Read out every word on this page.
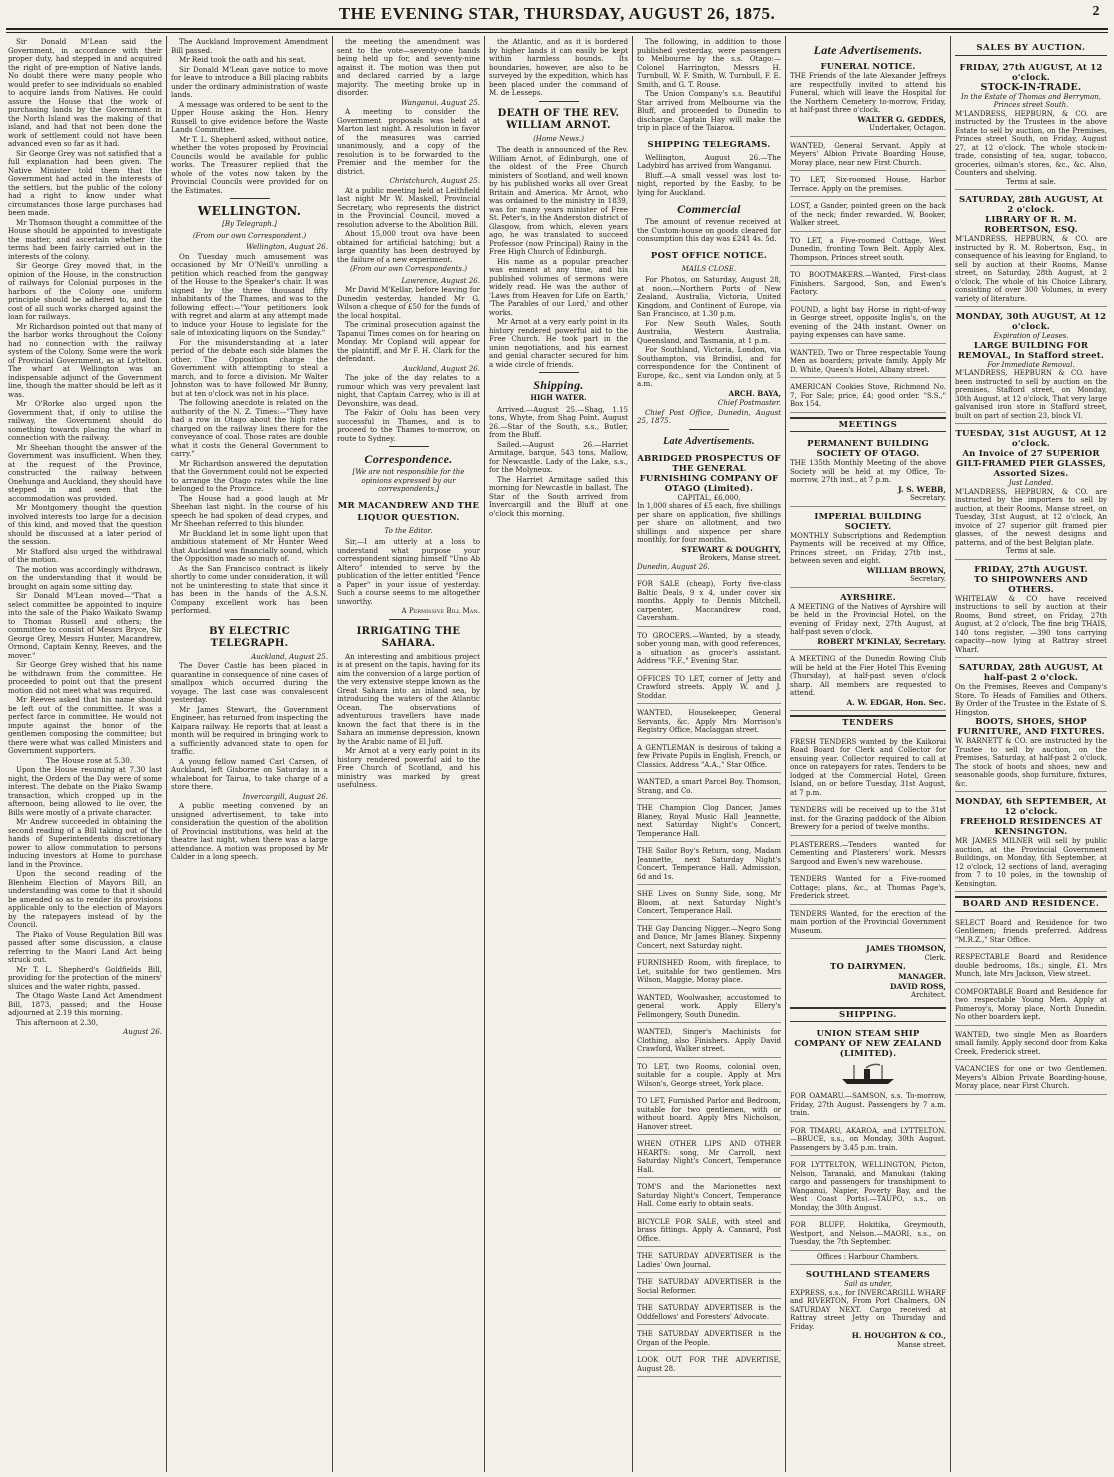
THE EVENING STAR, THURSDAY, AUGUST 26, 1875.	2

Sir Donald M'Lean said the Government, in accordance with their proper duty, had stepped in and acquired the right of pre-emption of Native lands. No doubt there were many people who would prefer to see individuals so enabled to acquire lands from Natives. He could assure the House that the work of purchasing lands by the Government in the North Island was the making of that island, and had that not been done the work of settlement could not have been advanced even so far as it had.

Sir George Grey was not satisfied that a full explanation had been given. The Native Minister told them that the Government had acted in the interests of the settlers, but the public of the colony had a right to know under what circumstances those large purchases had been made.

Mr Thomson thought a committee of the House should be appointed to investigate the matter, and ascertain whether the terms had been fairly carried out in the interests of the colony.

Sir George Grey moved that, in the opinion of the House, in the construction of railways for Colonial purposes in the harbors of the Colony one uniform principle should be adhered to, and the cost of all such works charged against the loan for railways.

Mr Richardson pointed out that many of the harbor works throughout the Colony had no connection with the railway system of the Colony. Some were the work of Provincial Government, as at Lyttelton. The wharf at Wellington was an indispensable adjunct of the Government line, though the matter should be left as it was.

Mr O'Rorke also urged upon the Government that, if only to utilise the railway, the Government should do something towards placing the wharf in connection with the railway.

Mr Sheehan thought the answer of the Government was insufficient. When they, at the request of the Province, constructed the railway between Onehunga and Auckland, they should have stepped in and seen that the accommodation was provided.

Mr Montgomery thought the question involved interests too large for a decision of this kind, and moved that the question should be discussed at a later period of the session.

Mr Stafford also urged the withdrawal of the motion.

The motion was accordingly withdrawn, on the understanding that it would be brought on again some sitting day.

Sir Donald M'Lean moved—"That a select committee be appointed to inquire into the sale of the Piako Waikato Swamp to Thomas Russell and others; the committee to consist of Messrs Bryce, Sir George Grey, Messrs Hunter, Macandrew, Ormond, Captain Kenny, Reeves, and the mover."

Sir George Grey wished that his name be withdrawn from the committee. He proceeded to point out that the present motion did not meet what was required.

Mr Reeves asked that his name should be left out of the committee. It was a perfect farce in committee. He would not impute against the honor of the gentlemen composing the committee; but there were what was called Ministers and Government supporters.

The House rose at 5.30.

Upon the House resuming at 7.30 last night, the Orders of the Day were of some interest. The debate on the Piako Swamp transaction, which cropped up in the afternoon, being allowed to lie over, the Bills were mostly of a private character.

Mr Andrew succeeded in obtaining the second reading of a Bill taking out of the hands of Superintendents discretionary power to allow commutation to persons inducing investors at Home to purchase land in the Province.

Upon the second reading of the Blenheim Election of Mayors Bill, an understanding was come to that it should be amended so as to render its provisions applicable only to the election of Mayors by the ratepayers instead of by the Council.

The Piako of Vouse Regulation Bill was passed after some discussion, a clause referring to the Maori Land Act being struck out.

Mr T. L. Shepherd's Goldfields Bill, providing for the protection of the miners' sluices and the water rights, passed.

The Otago Waste Land Act Amendment Bill, 1873, passed; and the House adjourned at 2.19 this morning.

This afternoon at 2.30,

August 26.

The Auckland Improvement Amendment Bill passed.

Mr Reid took the oath and his seat.

Sir Donald M'Lean gave notice to move for leave to introduce a Bill placing rabbits under the ordinary administration of waste lands.

A message was ordered to be sent to the Upper House asking the Hon. Henry Russell to give evidence before the Waste Lands Committee.

Mr T. L. Shepherd asked, without notice, whether the votes proposed by Provincial Councils would be available for public works. The Treasurer replied that the whole of the votes now taken by the Provincial Councils were provided for on the Estimates.

WELLINGTON.
[By Telegraph.]
(From our own Correspondent.)

Wellington, August 26.

On Tuesday much amusement was occasioned by Mr O'Neill's unrolling a petition which reached from the gangway of the House to the Speaker's chair. It was signed by the three thousand fifty inhabitants of the Thames, and was to the following effect:—"Your petitioners look with regret and alarm at any attempt made to induce your House to legislate for the sale of intoxicating liquors on the Sunday."

For the misunderstanding at a later period of the debate each side blames the other. The Opposition charge the Government with attempting to steal a march, and to force a division. Mr Walter Johnston was to have followed Mr Bunny, but at ten o'clock was not in his place.

The following anecdote is related on the authority of the N. Z. Times:—"They have had a row in Otago about the high rates charged on the railway lines there for the conveyance of coal. Those rates are double what it costs the General Government to carry."

Mr Richardson answered the deputation that the Government could not be expected to arrange the Otago rates while the line belonged to the Province.

The House had a good laugh at Mr Sheehan last night. In the course of his speech he had spoken of dead crypes, and Mr Sheehan referred to this blunder.

Mr Buckland let in some light upon that ambitious statement of Mr Hunter Weed that Auckland was financially sound, which the Opposition made so much of.

As the San Francisco contract is likely shortly to come under consideration, it will not be uninteresting to state that since it has been in the hands of the A.S.N. Company excellent work has been performed.

BY ELECTRIC TELEGRAPH.

Auckland, August 25.

The Dover Castle has been placed in quarantine in consequence of nine cases of smallpox which occurred during the voyage. The last case was convalescent yesterday.

Mr James Stewart, the Government Engineer, has returned from inspecting the Kaipara railway. He reports that at least a month will be required in bringing work to a sufficiently advanced state to open for traffic.

A young fellow named Carl Carsen, of Auckland, left Gisborne on Saturday in a whaleboat for Tairua, to take charge of a store there.

Invercargill, August 26.

A public meeting convened by an unsigned advertisement, to take into consideration the question of the abolition of Provincial institutions, was held at the theatre last night, when there was a large attendance. A motion was proposed by Mr Calder in a long speech.

the meeting the amendment was sent to the vote—seventy-one hands being held up for, and seventy-nine against it. The motion was then put and declared carried by a large majority. The meeting broke up in disorder.

Wanganui, August 25.

A meeting to consider the Government proposals was held at Marton last night. A resolution in favor of the measures was carried unanimously, and a copy of the resolution is to be forwarded to the Premier and the member for the district.

Christchurch, August 25.

At a public meeting held at Leithfield last night Mr W. Maskell, Provincial Secretary, who represents the district in the Provincial Council, moved a resolution adverse to the Abolition Bill.

About 15,000 trout ova have been obtained for artificial hatching; but a large quantity has been destroyed by the failure of a new experiment.

(From our own Correspondents.)

Lawrence, August 26.

Mr David M'Kellar, before leaving for Dunedin yesterday, handed Mr G. Wilson a cheque of £50 for the funds of the local hospital.

The criminal prosecution against the Tapanui Times comes on for hearing on Monday. Mr Copland will appear for the plaintiff, and Mr F. H. Clark for the defendant.

Auckland, August 26.

The joke of the day relates to a rumour which was very prevalent last night, that Captain Carrey, who is ill at Devonshire, was dead.

The Fakir of Oolu has been very successful in Thames, and is to proceed to the Thames to-morrow, on route to Sydney.

Correspondence.

[We are not responsible for the opinions expressed by our correspondents.]

MR MACANDREW AND THE LIQUOR QUESTION.
To the Editor.

Sir,—I am utterly at a loss to understand what purpose your correspondent signing himself "Uno Ab Altero" intended to serve by the publication of the letter entitled "Fence a Paper" in your issue of yesterday. Such a course seems to me altogether unworthy.

A Permissive Bill Man.

IRRIGATING THE SAHARA.

An interesting and ambitious project is at present on the tapis, having for its aim the conversion of a large portion of the very extensive steppe known as the Great Sahara into an inland sea, by introducing the waters of the Atlantic Ocean. The observations of adventurous travellers have made known the fact that there is in the Sahara an immense depression, known by the Arabic name of El Juff.

Mr Arnot at a very early point in its history rendered powerful aid to the Free Church of Scotland, and his ministry was marked by great usefulness.

the Atlantic, and as it is bordered by higher lands it can easily be kept within harmless bounds. Its boundaries, however, are also to be surveyed by the expedition, which has been placed under the command of M. de Lesseps.

DEATH OF THE REV. WILLIAM ARNOT.
(Home News.)

The death is announced of the Rev. William Arnot, of Edinburgh, one of the oldest of the Free Church ministers of Scotland, and well known by his published works all over Great Britain and America. Mr Arnot, who was ordained to the ministry in 1839, was for many years minister of Free St. Peter's, in the Anderston district of Glasgow, from which, eleven years ago, he was translated to succeed Professor (now Principal) Rainy in the Free High Church of Edinburgh.

His name as a popular preacher was eminent at any time, and his published volumes of sermons were widely read. He was the author of 'Laws from Heaven for Life on Earth,' 'The Parables of our Lord,' and other works.

Mr Arnot at a very early point in its history rendered powerful aid to the Free Church. He took part in the union negotiations, and his earnest and genial character secured for him a wide circle of friends.

Shipping.
HIGH WATER.

Arrived.—August 25.—Shag, 1.15 tons, Whyte, from Shag Point. August 26.—Star of the South, s.s., Butler, from the Bluff.

Sailed.—August 26.—Harriet Armitage, barque, 543 tons, Mallow, for Newcastle. Lady of the Lake, s.s., for the Molyneux.

The Harriet Armitage sailed this morning for Newcastle in ballast. The Star of the South arrived from Invercargill and the Bluff at one o'clock this morning.

The following, in addition to those published yesterday, were passengers to Melbourne by the s.s. Otago:—Colonel Harrington, Messrs H. Turnbull, W. F. Smith, W. Turnbull, F. E. Smith, and G. T. Rouse.

The Union Company's s.s. Beautiful Star arrived from Melbourne via the Bluff, and proceeded to Dunedin to discharge. Captain Hay will make the trip in place of the Taiaroa.

SHIPPING TELEGRAMS.

Wellington, August 26.—The Ladybird has arrived from Wanganui.

Bluff.—A small vessel was lost to-night, reported by the Easby, to be lying for Auckland.

Commercial

The amount of revenue received at the Custom-house on goods cleared for consumption this day was £241 4s. 5d.

POST OFFICE NOTICE.
MAILS CLOSE.

For Photos, on Saturday, August 28, at noon.—Northern Ports of New Zealand, Australia, Victoria, United Kingdom, and Continent of Europe, via San Francisco, at 1.30 p.m.

For New South Wales, South Australia, Western Australia, Queensland, and Tasmania, at 1 p.m.

For Southland, Victoria, London, via Southampton, via Brindisi, and for correspondence for the Continent of Europe, &c., sent via London only, at 5 a.m.

ARCH. BAYA,

Chief Postmaster.

Chief Post Office, Dunedin, August 25, 1875.

Late Advertisements.
ABRIDGED PROSPECTUS OF THE GENERAL FURNISHING COMPANY OF OTAGO (Limited).
CAPITAL, £6,000,
In 1,000 shares of £5 each, five shillings per share on application, five shillings per share on allotment, and two shillings and sixpence per share monthly, for four months.
STEWART & DOUGHTY,
Brokers, Manse street.
Dunedin, August 26.
FOR SALE (cheap), Forty five-class Baltic Deals, 9 x 4, under cover six months. Apply to Dennis Mitchell, carpenter, Maccandrew road, Caversham.
TO GROCERS.—Wanted, by a steady, sober young man, with good references, a situation as grocer's assistant. Address "F.F.," Evening Star.
OFFICES TO LET, corner of Jetty and Crawford streets. Apply W. and J. Stoddar.
WANTED, Housekeeper, General Servants, &c. Apply Mrs Morrison's Registry Office, Maclaggan street.
A GENTLEMAN is desirous of taking a few Private Pupils in English, French, or Classics. Address "A.A.," Star Office.
WANTED, a smart Parcel Boy. Thomson, Strang, and Co.
THE Champion Clog Dancer, James Blaney, Royal Music Hall Jeannette, next Saturday Night's Concert, Temperance Hall.
THE Sailor Boy's Return, song, Madam Jeannette, next Saturday Night's Concert, Temperance Hall. Admission, 6d and 1s.
SHE Lives on Sunny Side, song, Mr Bloom, at next Saturday Night's Concert, Temperance Hall.
THE Gay Dancing Nigger.—Negro Song and Dance, Mr James Blaney. Sixpenny Concert, next Saturday night.
FURNISHED Room, with fireplace, to Let, suitable for two gentlemen. Mrs Wilson, Maggie, Moray place.
WANTED, Woolwasher, accustomed to general work. Apply Ellery's Fellmongery, South Dunedin.
WANTED, Singer's Machinists for Clothing, also Finishers. Apply David Crawford, Walker street.
TO LET, two Rooms, colonial oven, suitable for a couple. Apply at Mrs Wilson's, George street, York place.
TO LET, Furnished Parlor and Bedroom, suitable for two gentlemen, with or without board. Apply Mrs Nicholson, Hanover street.
WHEN OTHER LIPS AND OTHER HEARTS: song, Mr Carroll, next Saturday Night's Concert, Temperance Hall.
TOM'S and the Marionettes next Saturday Night's Concert, Temperance Hall. Come early to obtain seats.
BICYCLE FOR SALE, with steel and brass fittings. Apply A. Cannard, Post Office.
THE SATURDAY ADVERTISER is the Ladies' Own Journal.
THE SATURDAY ADVERTISER is the Social Reformer.
THE SATURDAY ADVERTISER is the Oddfellows' and Foresters' Advocate.
THE SATURDAY ADVERTISER is the Organ of the People.
LOOK OUT FOR THE ADVERTISE, August 28.
Late Advertisements.
FUNERAL NOTICE.
THE Friends of the late Alexander Jeffreys are respectfully invited to attend his Funeral, which will leave the Hospital for the Northern Cemetery to-morrow, Friday, at half-past three o'clock.
WALTER G. GEDDES,
Undertaker, Octagon.
WANTED, General Servant. Apply at Meyers' Albion Private Boarding House, Moray place, near new First Church.
TO LET, Six-roomed House, Harbor Terrace. Apply on the premises.
LOST, a Gander, pointed green on the back of the neck; finder rewarded. W. Booker, Walker street.
TO LET, a Five-roomed Cottage, West Dunedin, fronting Town Belt. Apply Alex. Thompson, Princes street south.
TO BOOTMAKERS.—Wanted, First-class Finishers. Sargood, Son, and Ewen's Factory.
FOUND, a light bay Horse in right-of-way in George street, opposite Inglis's, on the evening of the 24th instant. Owner on paying expenses can have same.
WANTED, Two or Three respectable Young Men as boarders; private family. Apply Mr D. White, Queen's Hotel, Albany street.
AMERICAN Cookies Stove, Richmond No. 7, For Sale; price, £4; good order. "S.S.," Box 154.
MEETINGS
PERMANENT BUILDING SOCIETY OF OTAGO.
THE 135th Monthly Meeting of the above Society will be held at my Office, To-morrow, 27th inst., at 7 p.m.
J. S. WEBB,
Secretary.
IMPERIAL BUILDING SOCIETY.
MONTHLY Subscriptions and Redemption Payments will be received at my Office, Princes street, on Friday, 27th inst., between seven and eight.
WILLIAM BROWN,
Secretary.
AYRSHIRE.
A MEETING of the Natives of Ayrshire will be held in the Provincial Hotel, on the evening of Friday next, 27th August, at half-past seven o'clock.
ROBERT M'KINLAY, Secretary.
A MEETING of the Dunedin Rowing Club will be held at the Fier Hotel This Evening (Thursday), at half-past seven o'clock sharp. All members are requested to attend.
A. W. EDGAR, Hon. Sec.
TENDERS
FRESH TENDERS wanted by the Kaikorai Road Board for Clerk and Collector for ensuing year. Collector required to call at once on ratepayers for rates. Tenders to be lodged at the Commercial Hotel, Green Island, on or before Tuesday, 31st August, at 7 p.m.
TENDERS will be received up to the 31st inst. for the Grazing paddock of the Albion Brewery for a period of twelve months.
PLASTERERS.—Tenders wanted for Cementing and Plasterers' work. Messrs Sargood and Ewen's new warehouse.
TENDERS Wanted for a Five-roomed Cottage; plans, &c., at Thomas Page's, Frederick street.
TENDERS Wanted, for the erection of the main portion of the Provincial Government Museum.
JAMES THOMSON,
Clerk.
TO DAIRYMEN.
MANAGER.
DAVID ROSS,
Architect.
SHIPPING.
UNION STEAM SHIP COMPANY OF NEW ZEALAND (LIMITED).
FOR OAMARU.—SAMSON, s.s. To-morrow, Friday, 27th August. Passengers by 7 a.m. train.
FOR TIMARU, AKAROA, and LYTTELTON.—BRUCE, s.s., on Monday, 30th August. Passengers by 3.45 p.m. train.
FOR LYTTELTON, WELLINGTON, Picton, Nelson, Taranaki, and Manukau (taking cargo and passengers for transhipment to Wanganui, Napier, Poverty Bay, and the West Coast Ports).—TAUPO, s.s., on Monday, the 30th August.
FOR BLUFF, Hokitika, Greymouth, Westport, and Nelson.—MAORI, s.s., on Tuesday, the 7th September.
Offices : Harbour Chambers.
SOUTHLAND STEAMERS
Sail as under,
EXPRESS, s.s., for INVERCARGILL WHARF and RIVERTON, From Port Chalmers, ON SATURDAY NEXT. Cargo received at Rattray street Jetty on Thursday and Friday.
H. HOUGHTON & CO.,
Manse street.
SALES BY AUCTION.
FRIDAY, 27th AUGUST, At 12 o'clock.
STOCK-IN-TRADE.
In the Estate of Thomas and Berryman, Princes street South.
M'LANDRESS, HEPBURN, & CO. are instructed by the Trustees in the above Estate to sell by auction, on the Premises, Princes street South, on Friday, August 27, at 12 o'clock. The whole stock-in-trade, consisting of tea, sugar, tobacco, groceries, oilman's stores, &c., &c. Also, Counters and shelving.
Terms at sale.
SATURDAY, 28th AUGUST, At 2 o'clock.
LIBRARY OF R. M. ROBERTSON, ESQ.
M'LANDRESS, HEPBURN, & CO. are instructed by R. M. Robertson, Esq., in consequence of his leaving for England, to sell by auction at their Rooms, Manse street, on Saturday, 28th August, at 2 o'clock, The whole of his Choice Library, consisting of over 300 Volumes, in every variety of literature.
MONDAY, 30th AUGUST, At 12 o'clock.
Expiration of Leases.
LARGE BUILDING FOR REMOVAL, In Stafford street.
For Immediate Removal.
M'LANDRESS, HEPBURN & CO. have been instructed to sell by auction on the premises, Stafford street, on Monday, 30th August, at 12 o'clock, That very large galvanised iron store in Stafford street, built on part of section 23, block VI.
TUESDAY, 31st AUGUST, At 12 o'clock.
An Invoice of 27 SUPERIOR GILT-FRAMED PIER GLASSES, Assorted Sizes.
Just Landed.
M'LANDRESS, HEPBURN, & CO. are instructed by the importers to sell by auction, at their Rooms, Manse street, on Tuesday, 31st August, at 12 o'clock, An invoice of 27 superior gilt framed pier glasses, of the newest designs and patterns, and of the best Belgian plate.
Terms at sale.
FRIDAY, 27th AUGUST.
TO SHIPOWNERS AND OTHERS.
WHITELAW & CO have received instructions to sell by auction at their Rooms, Bond street, on Friday, 27th August, at 2 o'clock, The fine brig THAIS, 140 tons register, —390 tons carrying capacity—now lying at Rattray street Wharf.
SATURDAY, 28th AUGUST, At half-past 2 o'clock.
On the Premises, Reeves and Company's Store. To Heads of Families and Others. By Order of the Trustee in the Estate of S. Hingston.
BOOTS, SHOES, SHOP FURNITURE, AND FIXTURES.
W. BARNETT & CO. are instructed by the Trustee to sell by auction, on the Premises, Saturday, at half-past 2 o'clock, The stock of boots and shoes, new and seasonable goods, shop furniture, fixtures, &c.
MONDAY, 6th SEPTEMBER, At 12 o'clock.
FREEHOLD RESIDENCES AT KENSINGTON.
MR JAMES MILNER will sell by public auction, at the Provincial Government Buildings, on Monday, 6th September, at 12 o'clock, 12 sections of land, averaging from 7 to 10 poles, in the township of Kensington.
BOARD AND RESIDENCE.
SELECT Board and Residence for two Gentlemen; friends preferred. Address "M.R.Z.," Star Office.
RESPECTABLE Board and Residence double bedrooms, 18s.; single, £1. Mrs Munch, late Mrs Jackson, View street.
COMFORTABLE Board and Residence for two respectable Young Men. Apply at Pomeroy's, Moray place, North Dunedin. No other boarders kept.
WANTED, two single Men as Boarders small family. Apply second door from Kaka Creek, Frederick street.
VACANCIES for one or two Gentlemen. Meyers's Albion Private Boarding-house, Moray place, near First Church.
